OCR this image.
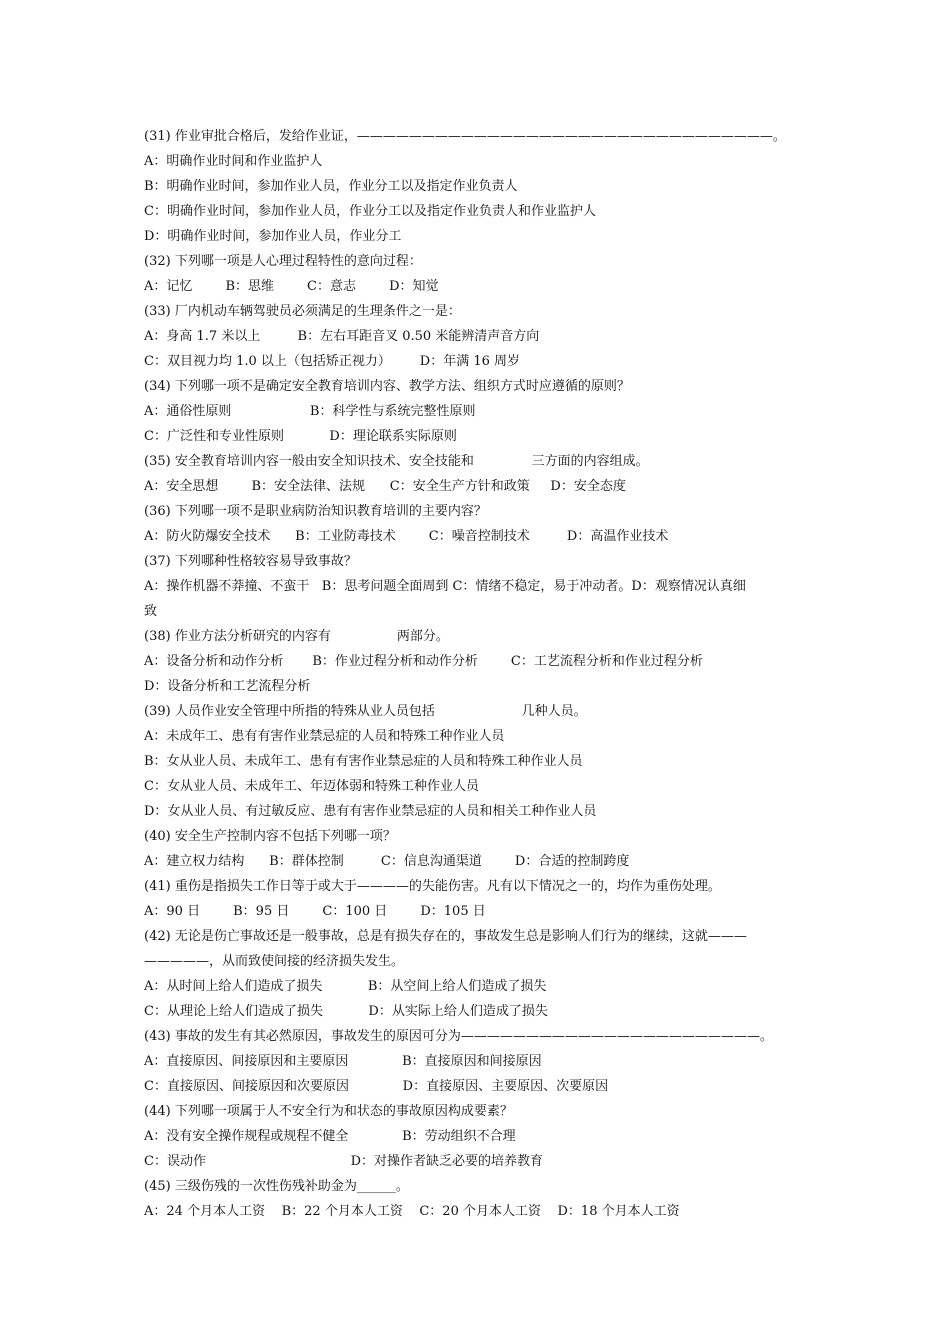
(31) 作业审批合格后，发给作业证，————————————————————————————————。
A：明确作业时间和作业监护人
B：明确作业时间，参加作业人员，作业分工以及指定作业负责人
C：明确作业时间，参加作业人员，作业分工以及指定作业负责人和作业监护人
D：明确作业时间，参加作业人员，作业分工
(32) 下列哪一项是人心理过程特性的意向过程：
A：记忆        B：思维        C：意志        D：知觉
(33) 厂内机动车辆驾驶员必须满足的生理条件之一是：
A：身高 1.7 米以上         B：左右耳距音叉 0.50 米能辨清声音方向
C：双目视力均 1.0 以上（包括矫正视力）       D：年满 16 周岁
(34) 下列哪一项不是确定安全教育培训内容、教学方法、组织方式时应遵循的原则？
A：通俗性原则                   B：科学性与系统完整性原则
C：广泛性和专业性原则           D：理论联系实际原则
(35) 安全教育培训内容一般由安全知识技术、安全技能和              三方面的内容组成。
A：安全思想        B：安全法律、法规      C：安全生产方针和政策     D：安全态度
(36) 下列哪一项不是职业病防治知识教育培训的主要内容？
A：防火防爆安全技术      B：工业防毒技术        C：噪音控制技术         D：高温作业技术
(37) 下列哪种性格较容易导致事故？
A：操作机器不莽撞、不蛮干   B：思考问题全面周到 C：情绪不稳定，易于冲动者。D：观察情况认真细
致
(38) 作业方法分析研究的内容有                两部分。
A：设备分析和动作分析       B：作业过程分析和动作分析        C：工艺流程分析和作业过程分析
D：设备分析和工艺流程分析
(39) 人员作业安全管理中所指的特殊从业人员包括                     几种人员。
A：未成年工、患有有害作业禁忌症的人员和特殊工种作业人员
B：女从业人员、未成年工、患有有害作业禁忌症的人员和特殊工种作业人员
C：女从业人员、未成年工、年迈体弱和特殊工种作业人员
D：女从业人员、有过敏反应、患有有害作业禁忌症的人员和相关工种作业人员
(40) 安全生产控制内容不包括下列哪一项？
A：建立权力结构      B：群体控制         C：信息沟通渠道        D：合适的控制跨度
(41) 重伤是指损失工作日等于或大于————的失能伤害。凡有以下情况之一的，均作为重伤处理。
A：90 日        B：95 日        C：100 日        D：105 日
(42) 无论是伤亡事故还是一般事故，总是有损失存在的，事故发生总是影响人们行为的继续，这就———
—————，从而致使间接的经济损失发生。
A：从时间上给人们造成了损失           B：从空间上给人们造成了损失
C：从理论上给人们造成了损失           D：从实际上给人们造成了损失
(43) 事故的发生有其必然原因，事故发生的原因可分为———————————————————————。
A：直接原因、间接原因和主要原因             B：直接原因和间接原因
C：直接原因、间接原因和次要原因             D：直接原因、主要原因、次要原因
(44) 下列哪一项属于人不安全行为和状态的事故原因构成要素？
A：没有安全操作规程或规程不健全             B：劳动组织不合理
C：误动作                                   D：对操作者缺乏必要的培养教育
(45) 三级伤残的一次性伤残补助金为______。
A：24 个月本人工资    B：22 个月本人工资    C：20 个月本人工资    D：18 个月本人工资
